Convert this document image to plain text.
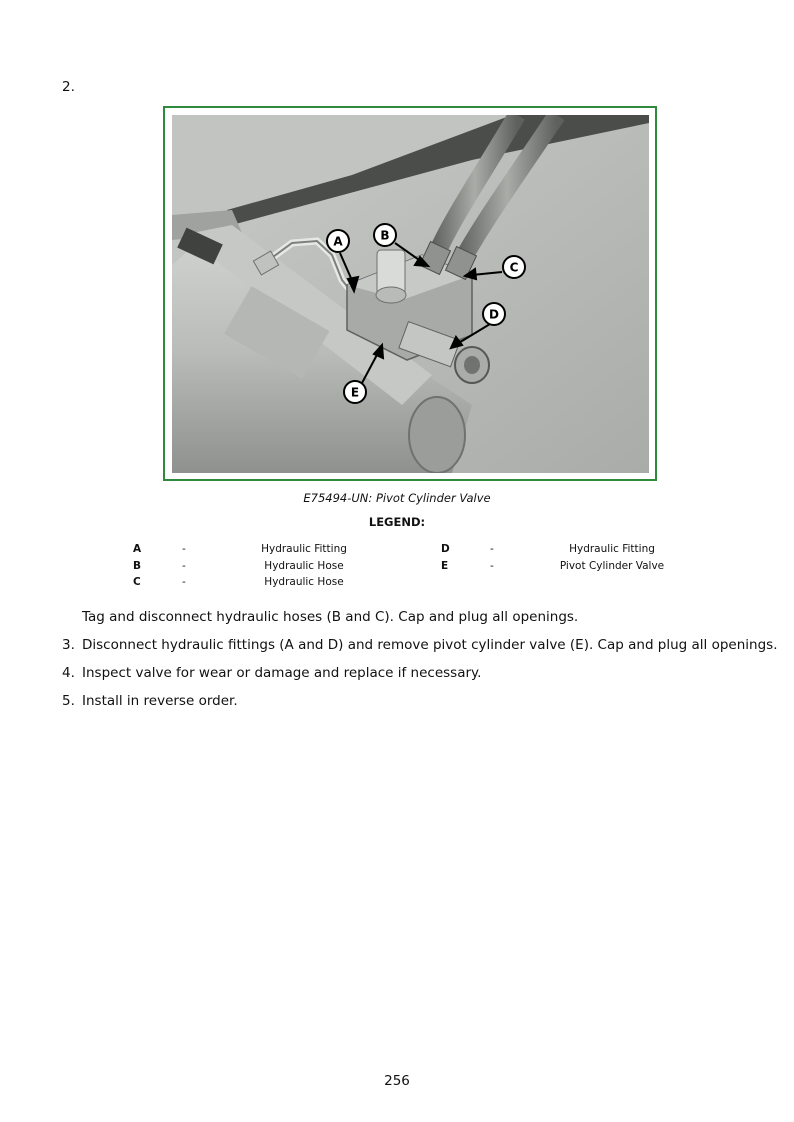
2.
A	B
C
D
E
E75494-UN: Pivot Cylinder Valve
LEGEND:
A	-	Hydraulic Fitting
B	-	Hydraulic Hose
C	-	Hydraulic Hose
D	-	Hydraulic Fitting
E	-	Pivot Cylinder Valve
Tag and disconnect hydraulic hoses (B and C). Cap and plug all openings.
3. Disconnect hydraulic fittings (A and D) and remove pivot cylinder valve (E). Cap and plug all openings.
4. Inspect valve for wear or damage and replace if necessary.
5. Install in reverse order.
256
